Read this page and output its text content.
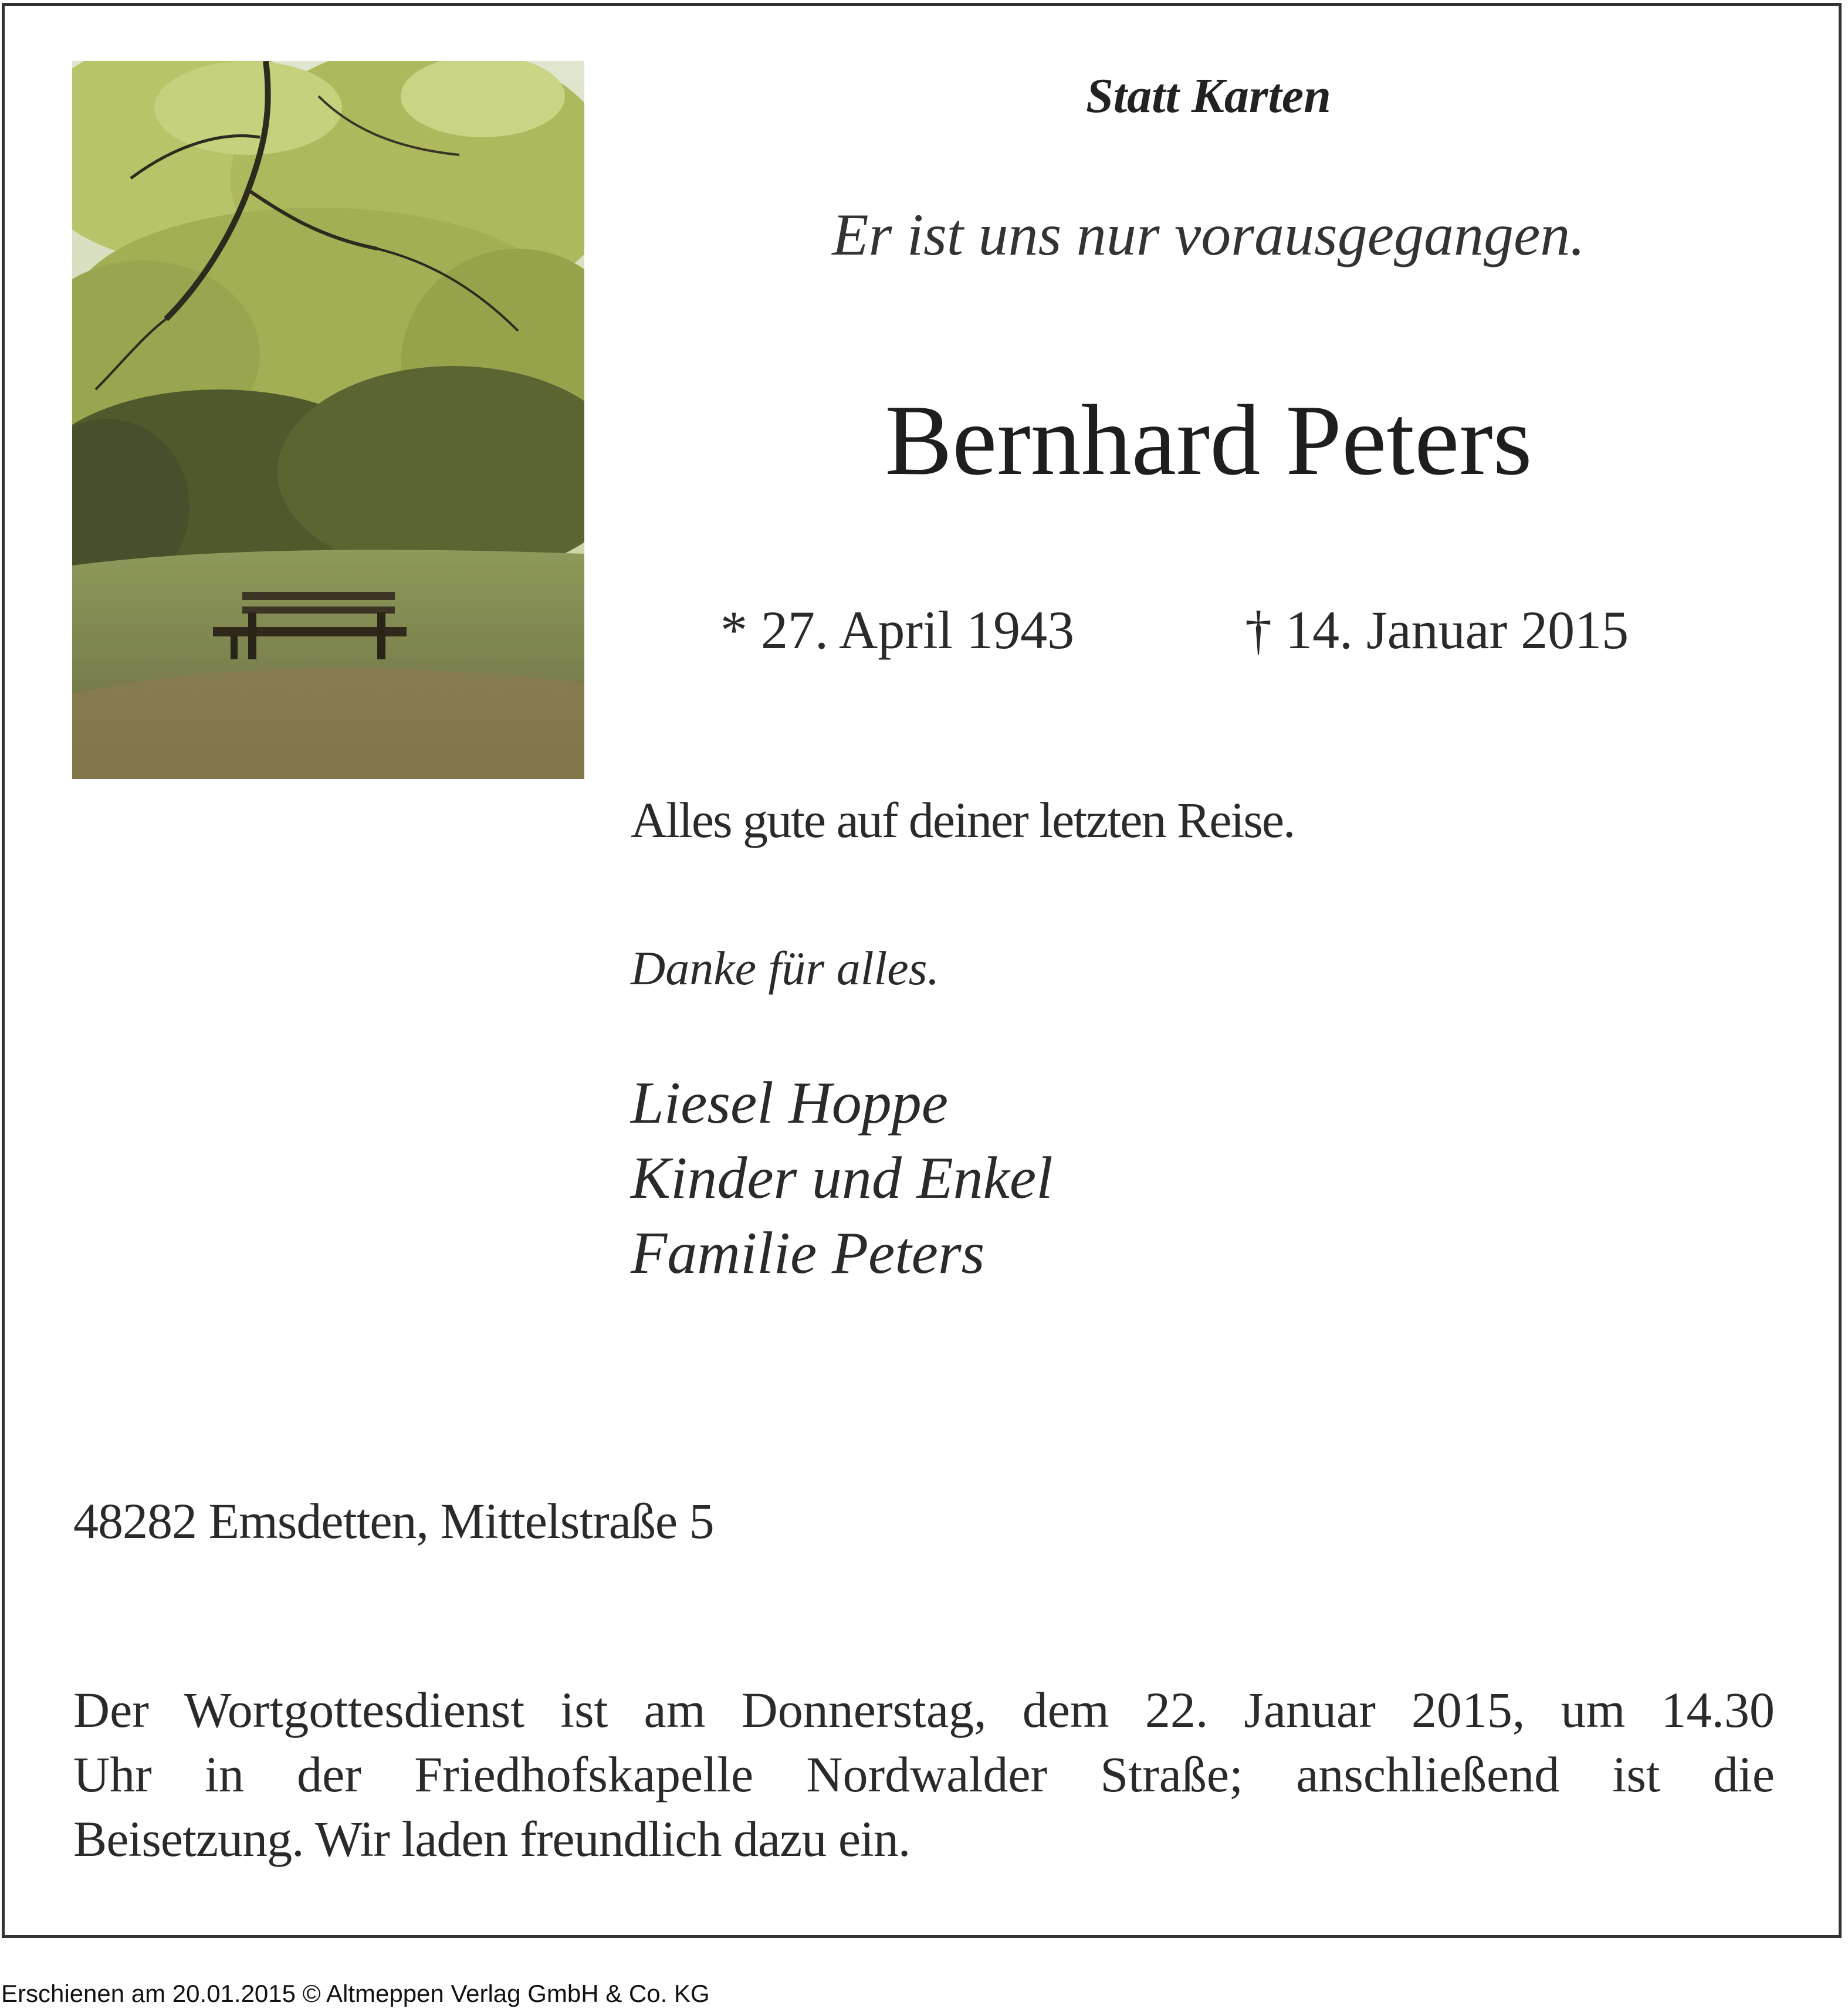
Statt Karten

Er ist uns nur vorausgegangen.

Bernhard Peters

* 27. April 1943	† 14. Januar 2015

Alles gute auf deiner letzten Reise.

Danke für alles.

Liesel Hoppe
Kinder und Enkel
Familie Peters

48282 Emsdetten, Mittelstraße 5

Der Wortgottesdienst ist am Donnerstag, dem 22. Januar 2015, um 14.30
Uhr in der Friedhofskapelle Nordwalder Straße; anschließend ist die
Beisetzung. Wir laden freundlich dazu ein.

Erschienen am 20.01.2015 © Altmeppen Verlag GmbH & Co. KG
